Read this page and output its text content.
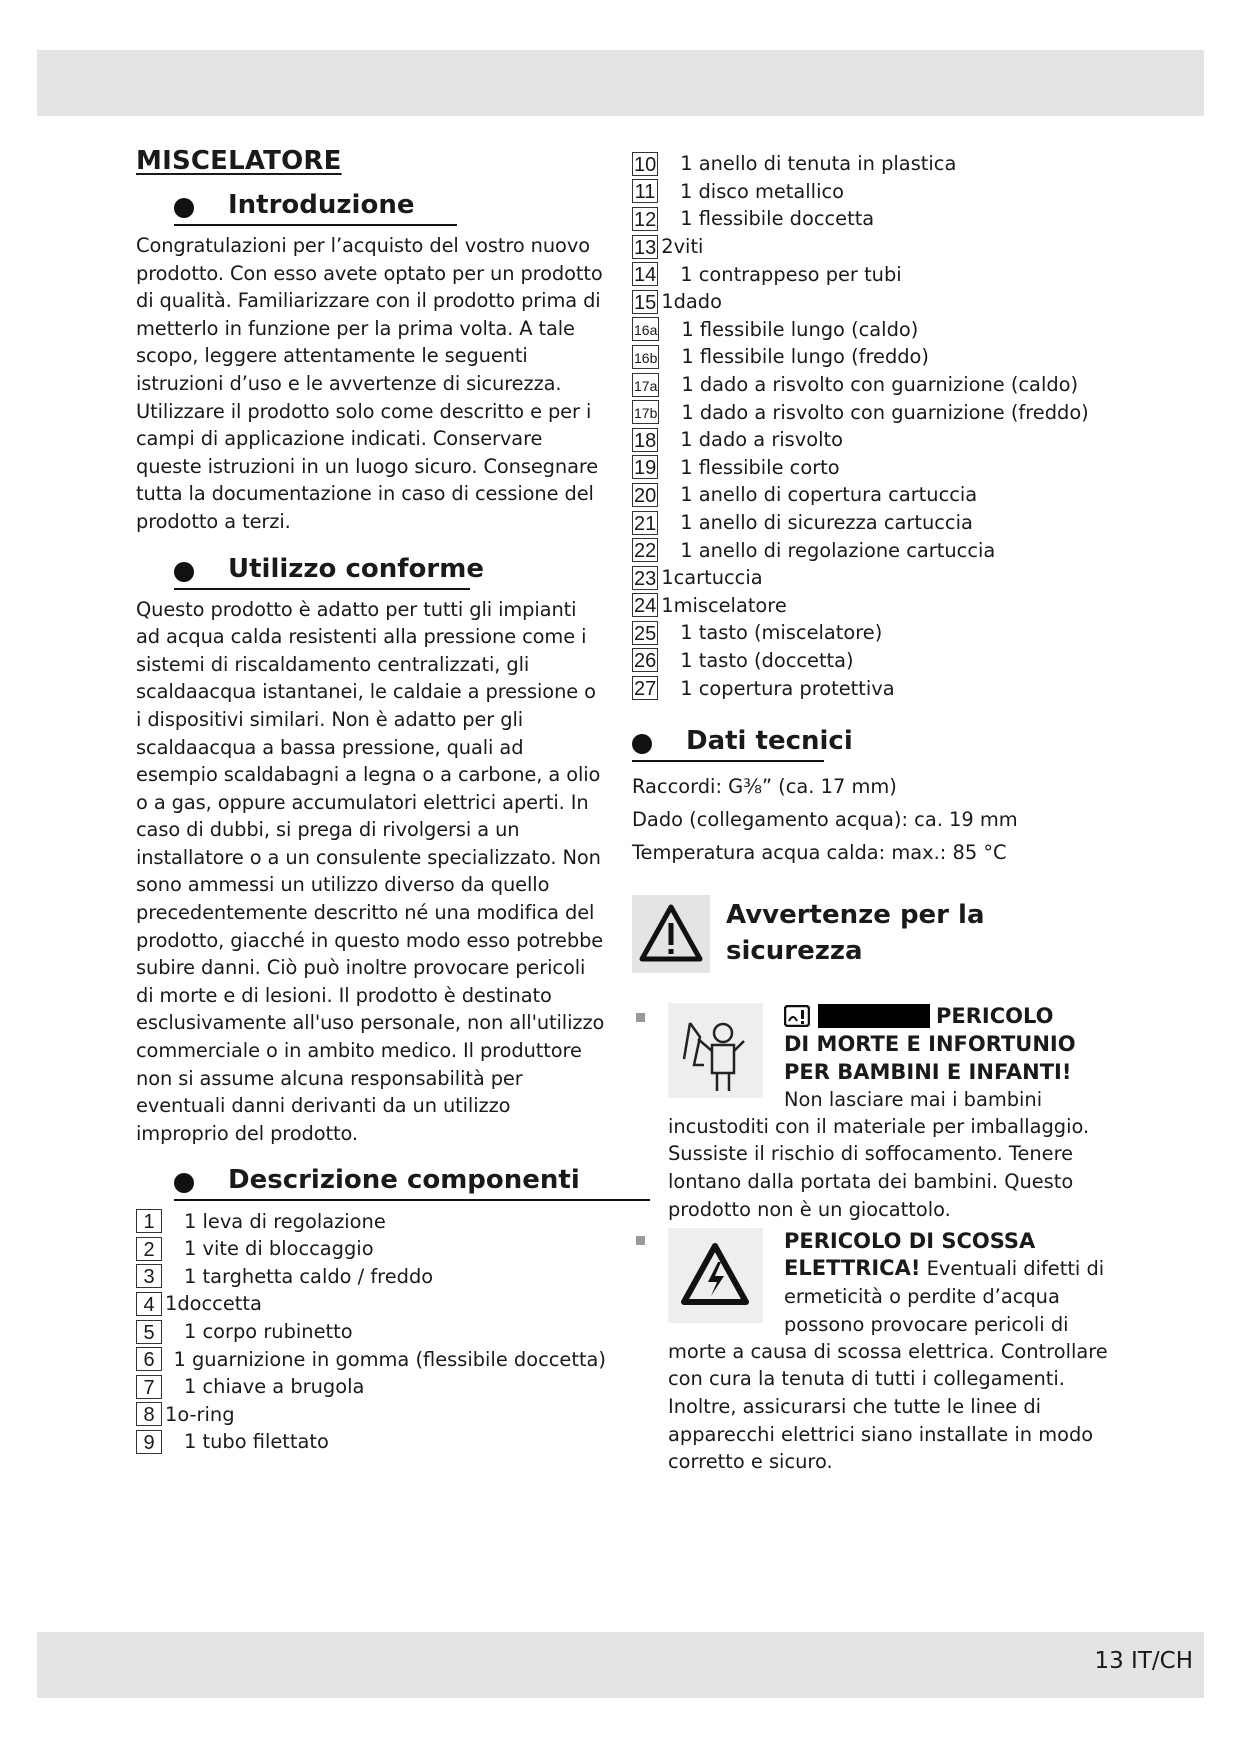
13 IT/CH
MISCELATORE
Introduzione

Congratulazioni per l’acquisto del vostro nuovo prodotto. Con esso avete optato per un prodotto di qualità. Familiarizzare con il prodotto prima di metterlo in funzione per la prima volta. A tale scopo, leggere attentamente le seguenti istruzioni d’uso e le avvertenze di sicurezza. Utilizzare il prodotto solo come descritto e per i campi di applicazione indicati. Conservare queste istruzioni in un luogo sicuro. Consegnare tutta la documentazione in caso di cessione del prodotto a terzi.

Utilizzo conforme

Questo prodotto è adatto per tutti gli impianti ad acqua calda resistenti alla pressione come i sistemi di riscaldamento centralizzati, gli scaldaacqua istantanei, le caldaie a pressione o i dispositivi similari. Non è adatto per gli scaldaacqua a bassa pressione, quali ad esempio scaldabagni a legna o a carbone, a olio o a gas, oppure accumulatori elettrici aperti. In caso di dubbi, si prega di rivolgersi a un installatore o a un consulente specializzato. Non sono ammessi un utilizzo diverso da quello precedentemente descritto né una modifica del prodotto, giacché in questo modo esso potrebbe subire danni. Ciò può inoltre provocare pericoli di morte e di lesioni. Il prodotto è destinato esclusivamente all'uso personale, non all'utilizzo commerciale o in ambito medico. Il produttore non si assume alcuna responsabilità per eventuali danni derivanti da un utilizzo improprio del prodotto.

Descrizione componenti
1	1 leva di regolazione
2	1 vite di bloccaggio
3	1 targhetta caldo / freddo
4 1doccetta
5	1 corpo rubinetto
6 1 guarnizione in gomma (flessibile doccetta)
7	1 chiave a brugola
8 1o-ring
9	1 tubo filettato
10 1 anello di tenuta in plastica
11 1 disco metallico
12 1 flessibile doccetta
13 2viti
14 1 contrappeso per tubi
15 1dado
16a 1 flessibile lungo (caldo)
16b 1 flessibile lungo (freddo)
17a 1 dado a risvolto con guarnizione (caldo)
17b 1 dado a risvolto con guarnizione (freddo)
18 1 dado a risvolto
19 1 flessibile corto
20 1 anello di copertura cartuccia
21 1 anello di sicurezza cartuccia
22 1 anello di regolazione cartuccia
23 1cartuccia
24 1miscelatore
25 1 tasto (miscelatore)
26 1 tasto (doccetta)
27 1 copertura protettiva
Dati tecnici
Raccordi: G⅜” (ca. 17 mm)
Dado (collegamento acqua): ca. 19 mm
Temperatura acqua calda: max.: 85 °C
Avvertenze per la
sicurezza
PERICOLO
DI MORTE E INFORTUNIO
PER BAMBINI E INFANTI!
Non lasciare mai i bambini
incustoditi con il materiale per imballaggio. Sussiste il rischio di soffocamento. Tenere lontano dalla portata dei bambini. Questo prodotto non è un giocattolo.
PERICOLO DI SCOSSA
ELETTRICA! Eventuali difetti di
ermeticità o perdite d’acqua
possono provocare pericoli di
morte a causa di scossa elettrica. Controllare con cura la tenuta di tutti i collegamenti. Inoltre, assicurarsi che tutte le linee di apparecchi elettrici siano installate in modo corretto e sicuro.
